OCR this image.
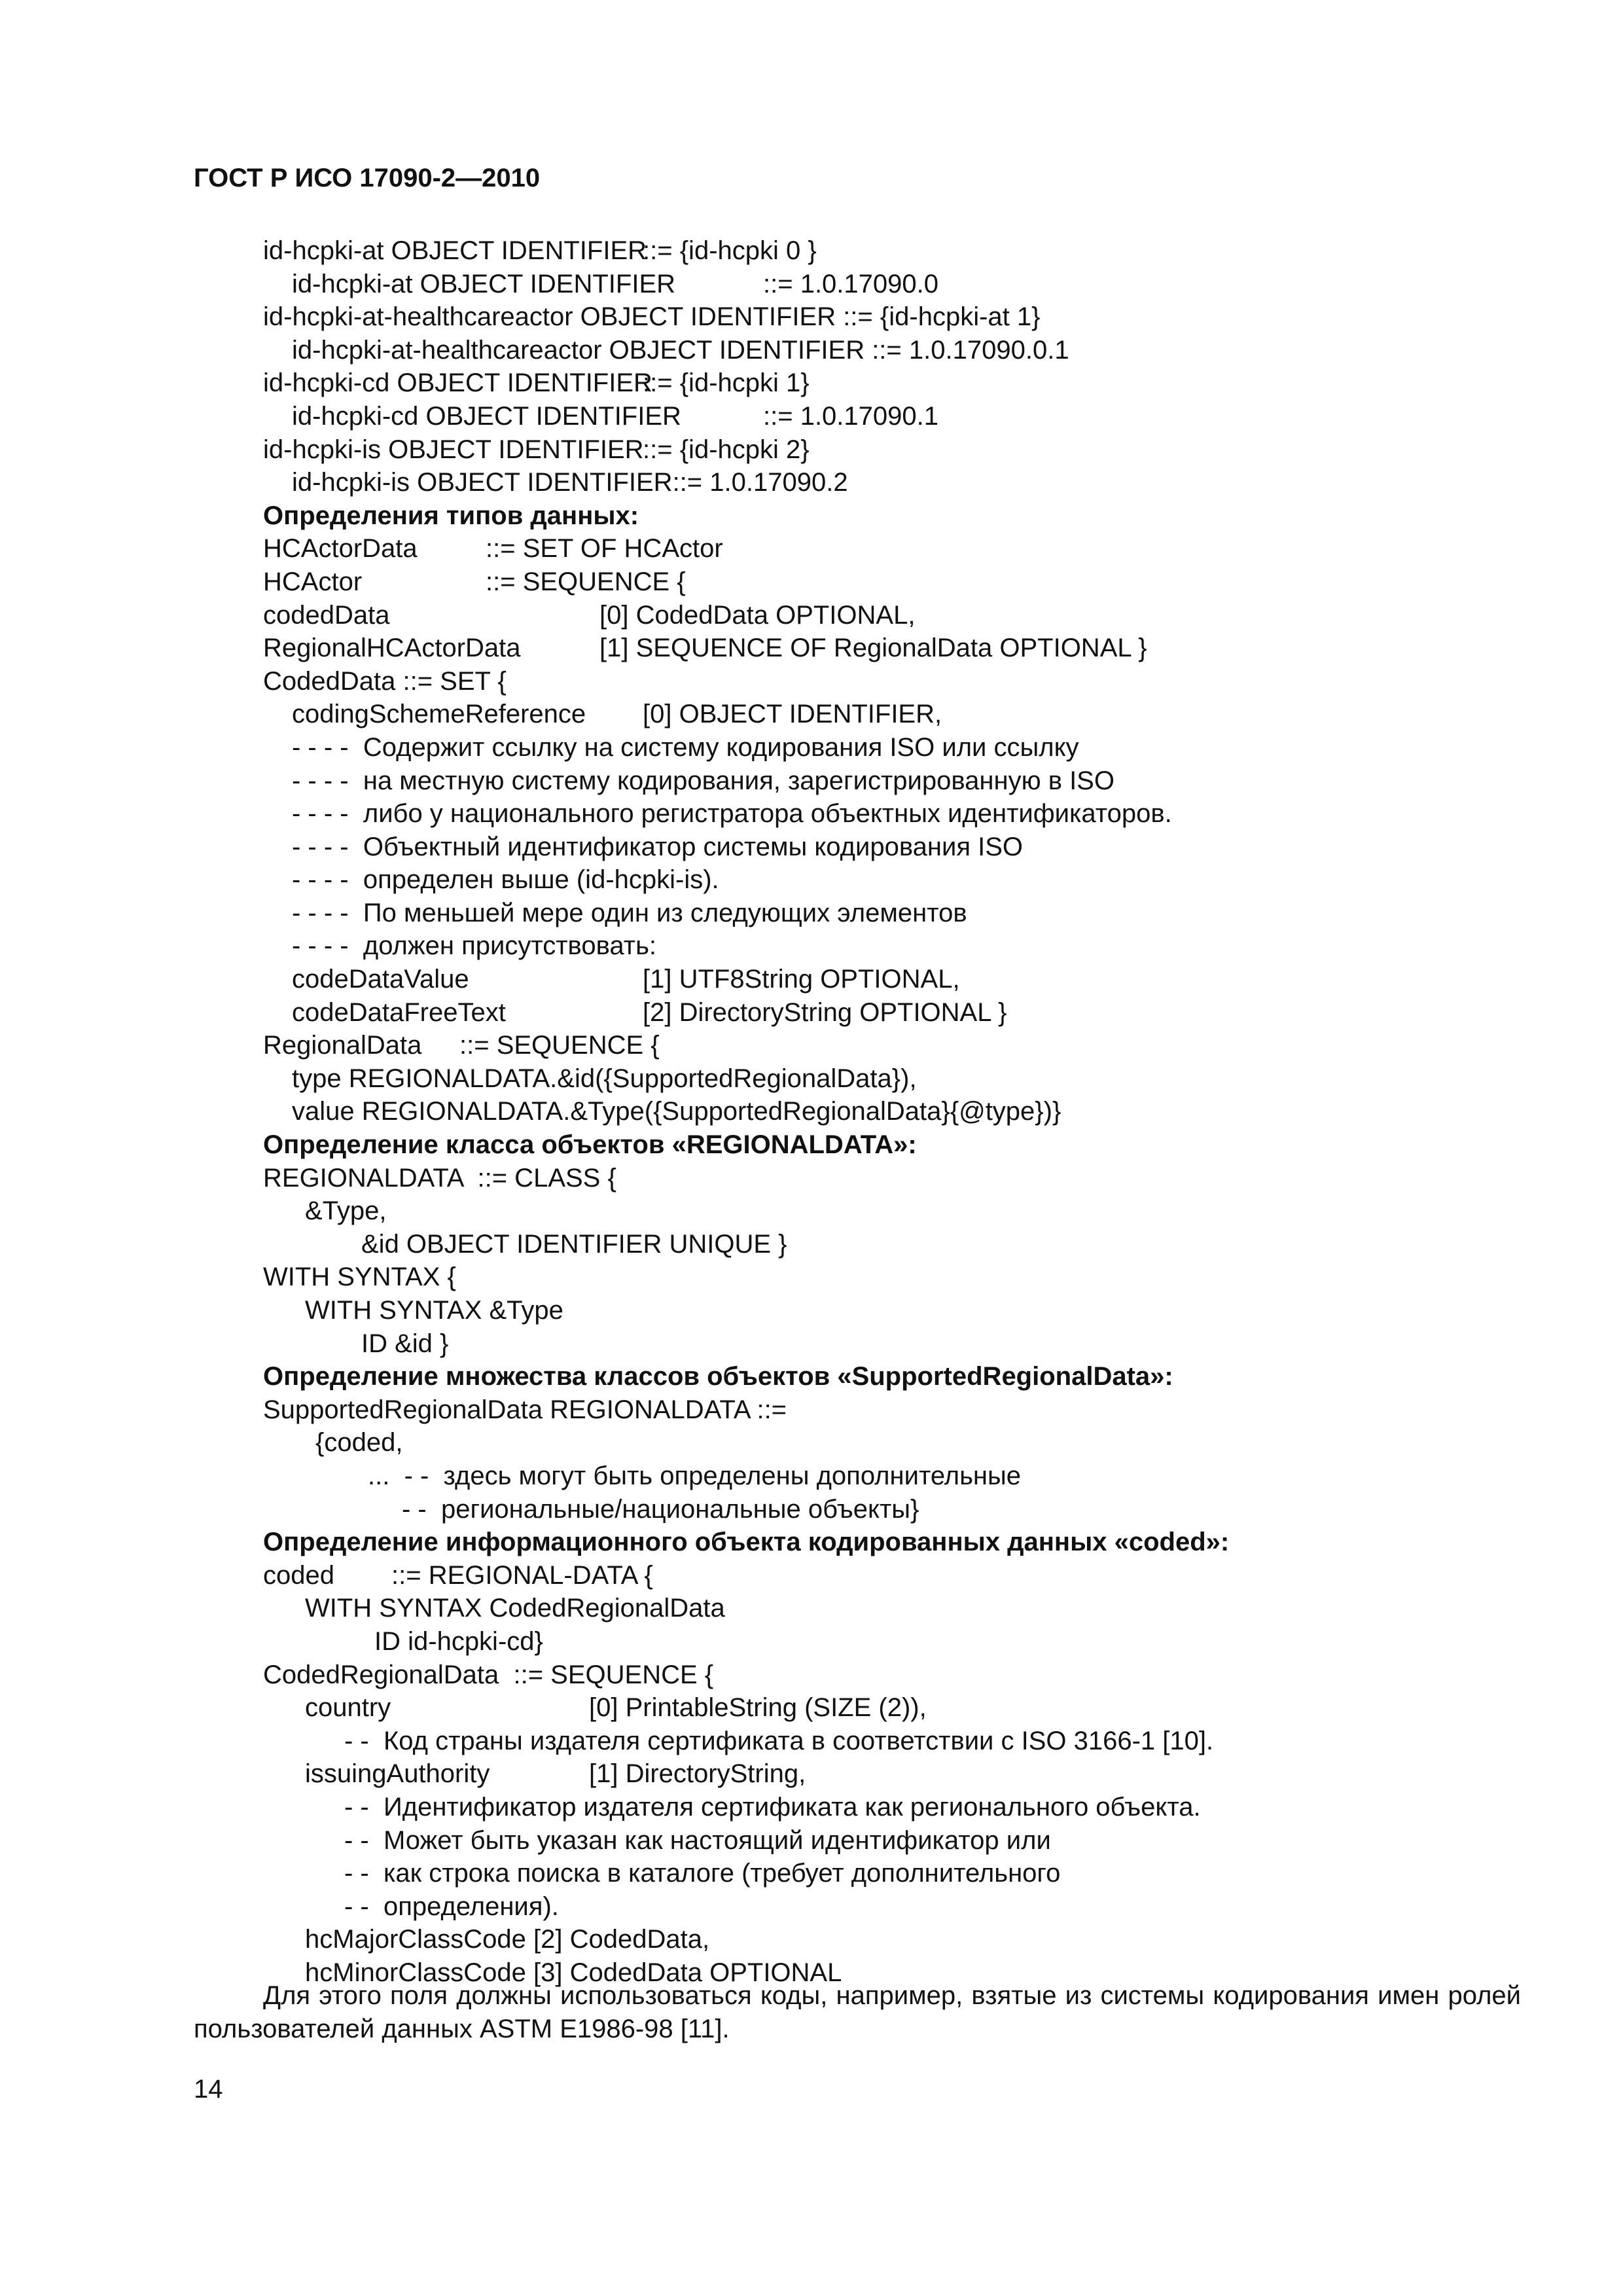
ГОСТ Р ИСО 17090-2—2010
id-hcpki-at OBJECT IDENTIFIER
::= {id-hcpki 0 }
id-hcpki-at OBJECT IDENTIFIER	::= 1.0.17090.0
id-hcpki-at-healthcareactor OBJECT IDENTIFIER ::= {id-hcpki-at 1}
id-hcpki-at-healthcareactor OBJECT IDENTIFIER ::= 1.0.17090.0.1
id-hcpki-cd OBJECT IDENTIFIER
::= {id-hcpki 1}
id-hcpki-cd OBJECT IDENTIFIER	::= 1.0.17090.1
id-hcpki-is OBJECT IDENTIFIER
::= {id-hcpki 2}
id-hcpki-is OBJECT IDENTIFIER::= 1.0.17090.2
Определения типов данных:
HCActorData	::= SET OF HCActor
HCActor	::= SEQUENCE {
codedData	[0] CodedData OPTIONAL,
RegionalHCActorData	[1] SEQUENCE OF RegionalData OPTIONAL }
CodedData ::= SET {
codingSchemeReference [0] OBJECT IDENTIFIER,
- - - -  Содержит ссылку на систему кодирования ISO или ссылку
- - - -  на местную систему кодирования, зарегистрированную в ISO
- - - -  либо у национального регистратора объектных идентификаторов.
- - - -  Объектный идентификатор системы кодирования ISO
- - - -  определен выше (id-hcpki-is).
- - - -  По меньшей мере один из следующих элементов
- - - -  должен присутствовать:
codeDataValue	[1] UTF8String OPTIONAL,
codeDataFreeText	[2] DirectoryString OPTIONAL }
RegionalData ::= SEQUENCE {
type REGIONALDATA.&id({SupportedRegionalData}),
value REGIONALDATA.&Type({SupportedRegionalData}{@type})}
Определение класса объектов «REGIONALDATA»:
REGIONALDATA  ::= CLASS {
&Type,
&id OBJECT IDENTIFIER UNIQUE }
WITH SYNTAX {
WITH SYNTAX &Type
ID &id }
Определение множества классов объектов «SupportedRegionalData»:
SupportedRegionalData REGIONALDATA ::=
{coded,
...  - -  здесь могут быть определены дополнительные
- -  региональные/национальные объекты}
Определение информационного объекта кодированных данных «coded»:
coded ::= REGIONAL-DATA {
WITH SYNTAX CodedRegionalData
ID id-hcpki-cd}
CodedRegionalData  ::= SEQUENCE {
country	[0] PrintableString (SIZE (2)),
- -  Код страны издателя сертификата в соответствии с ISO 3166-1 [10].
issuingAuthority	[1] DirectoryString,
- -  Идентификатор издателя сертификата как регионального объекта.
- -  Может быть указан как настоящий идентификатор или
- -  как строка поиска в каталоге (требует дополнительного
- -  определения).
hcMajorClassCode [2] CodedData,
hcMinorClassCode [3] CodedData OPTIONAL
Для этого поля должны использоваться коды, например, взятые из системы кодирования имен ролей пользователей данных ASTM E1986-98 [11].
14
